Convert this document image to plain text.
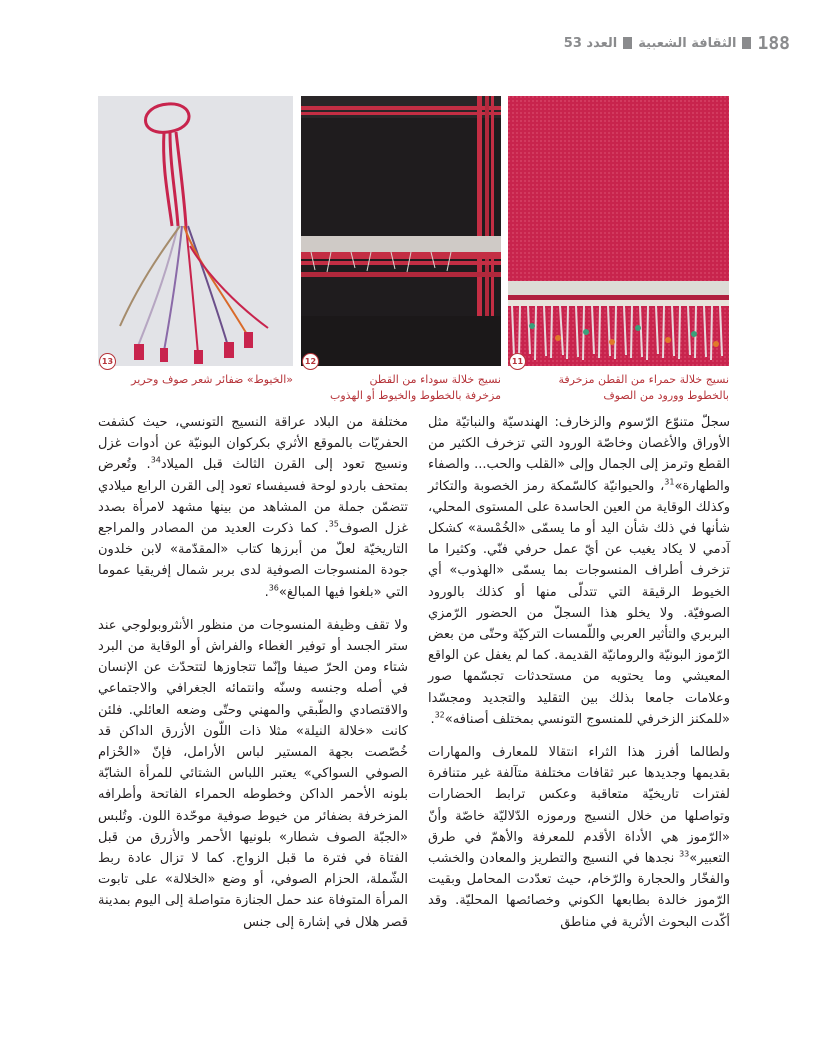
188
الثقافة الشعبية
العدد 53
11
12
13
نسيج خلالة حمراء من القطن مزخرفة
بالخطوط وورود من الصوف
نسيج خلالة سوداء من القطن
مزخرفة بالخطوط والخيوط أو الهذوب
«الخيوط» ضفائر شعر صوف وحرير

سجلّ متنوّع الرّسوم والزخارف: الهندسيّة والنباتيّة مثل الأوراق والأغصان وخاصّة الورود التي تزخرف الكثير من القطع وترمز إلى الجمال وإلى «القلب والحب... والصفاء والطهارة»$^{31}$، والحيوانيّة كالسّمكة رمز الخصوبة والتكاثر وكذلك الوقاية من العين الحاسدة على المستوى المحلي، شأنها في ذلك شأن اليد أو ما يسمّى «الخُمْسة» كشكل آدمي لا يكاد يغيب عن أيّ عمل حرفي فنّي. وكثيرا ما تزخرف أطراف المنسوجات بما يسمّى «الهذوب» أي الخيوط الرقيقة التي تتدلّى منها أو كذلك بالورود الصوفيّة. ولا يخلو هذا السجلّ من الحضور الرّمزي البربري والتأثير العربي واللّمسات التركيّة وحتّى من بعض الرّموز البونيّة والرومانيّة القديمة. كما لم يغفل عن الواقع المعيشي وما يحتويه من مستحدثات تجسّمها صور وعلامات جامعا بذلك بين التقليد والتجديد ومجسّدا «للمكنز الزخرفي للمنسوج التونسي بمختلف أصنافه»$^{32}$.

ولطالما أفرز هذا الثراء انتقالا للمعارف والمهارات بقديمها وجديدها عبر ثقافات مختلفة متآلفة غير متنافرة لفترات تاريخيّة متعاقبة وعكس ترابط الحضارات وتواصلها من خلال النسيج ورموزه الدّلاليّة خاصّة وأنّ «الرّموز هي الأداة الأقدم للمعرفة والأهمّ في طرق التعبير»$^{33}$ نجدها في النسيج والتطريز والمعادن والخشب والفخّار والحجارة والرّخام، حيث تعدّدت المحامل وبقيت الرّموز خالدة بطابعها الكوني وخصائصها المحليّة. وقد أكّدت البحوث الأثرية في مناطق

مختلفة من البلاد عراقة النسيج التونسي، حيث كشفت الحفريّات بالموقع الأثري بكركوان البونيّة عن أدوات غزل ونسيج تعود إلى القرن الثالث قبل الميلاد$^{34}$. وتُعرض بمتحف باردو لوحة فسيفساء تعود إلى القرن الرابع ميلادي تتضمّن جملة من المشاهد من بينها مشهد لامرأة بصدد غزل الصوف$^{35}$. كما ذكرت العديد من المصادر والمراجع التاريخيّة لعلّ من أبرزها كتاب «المقدّمة» لابن خلدون جودة المنسوجات الصوفية لدى بربر شمال إفريقيا عموما التي «بلغوا فيها المبالغ»$^{36}$.

ولا تقف وظيفة المنسوجات من منظور الأنثروبولوجي عند ستر الجسد أو توفير الغطاء والفراش أو الوقاية من البرد شتاء ومن الحرّ صيفا وإنّما تتجاوزها لتتحدّث عن الإنسان في أصله وجنسه وسنّه وانتمائه الجغرافي والاجتماعي والاقتصادي والطّبقي والمهني وحتّى وضعه العائلي. فلئن كانت «خلالة النيلة» مثلا ذات اللّون الأزرق الداكن قد خُصّصت بجهة المستير لباس الأرامل، فإنّ «الحْزام الصوفي السواكي» يعتبر اللباس الشتائي للمرأة الشابّة بلونه الأحمر الداكن وخطوطه الحمراء الفاتحة وأطرافه المزخرفة بضفائر من خيوط صوفية موحّدة اللون. وتُلبس «الجبّة الصوف شطار» بلونيها الأحمر والأزرق من قبل الفتاة في فترة ما قبل الزواج. كما لا تزال عادة ربط الشّملة، الحزام الصوفي، أو وضع «الخلالة» على تابوت المرأة المتوفاة عند حمل الجنازة متواصلة إلى اليوم بمدينة قصر هلال في إشارة إلى جنس
